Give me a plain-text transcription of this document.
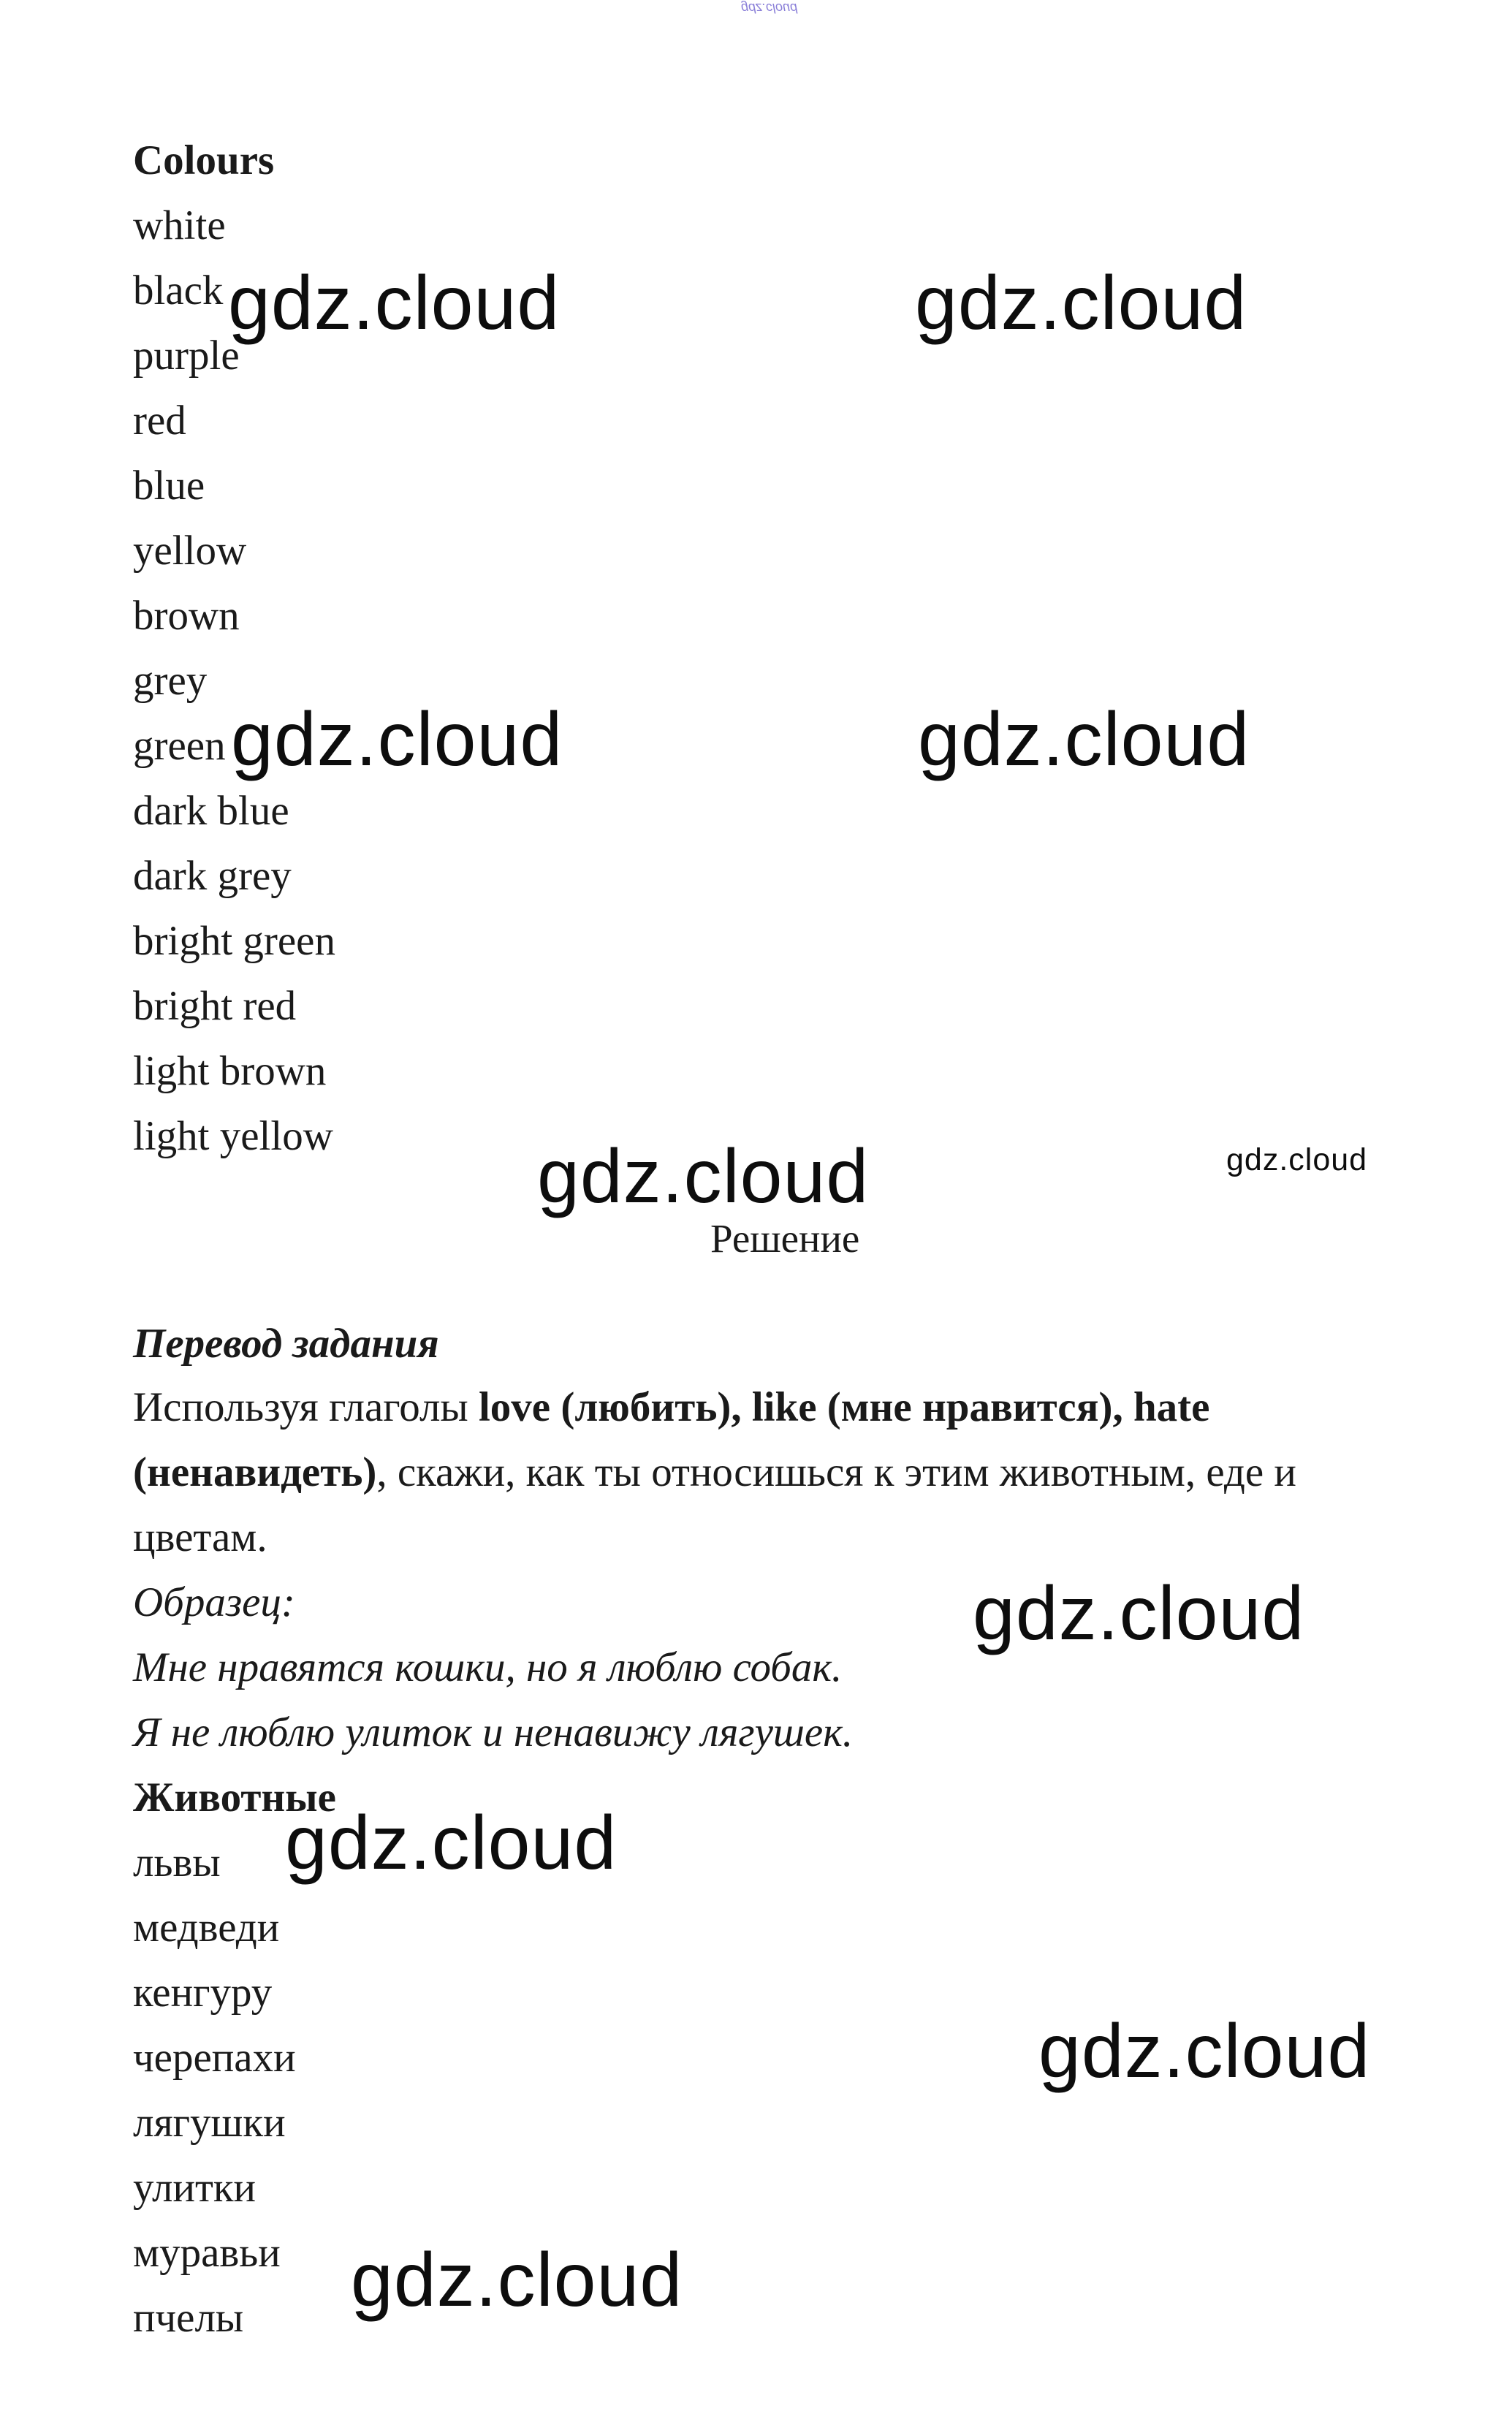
gdz.cloud
Colours
white
black
purple
red
blue
yellow
brown
grey
green
dark blue
dark grey
bright green
bright red
light brown
light yellow
Решение
Перевод задания
Используя глаголы love (любить), like (мне нравится), hate
(ненавидеть), скажи, как ты относишься к этим животным, еде и
цветам.
Образец:
Мне нравятся кошки, но я люблю собак.
Я не люблю улиток и ненавижу лягушек.
Животные
львы
медведи
кенгуру
черепахи
лягушки
улитки
муравьи
пчелы
gdz.cloud	gdz.cloud
gdz.cloud	gdz.cloud
gdz.cloud	gdz.cloud
gdz.cloud
gdz.cloud
gdz.cloud
gdz.cloud
